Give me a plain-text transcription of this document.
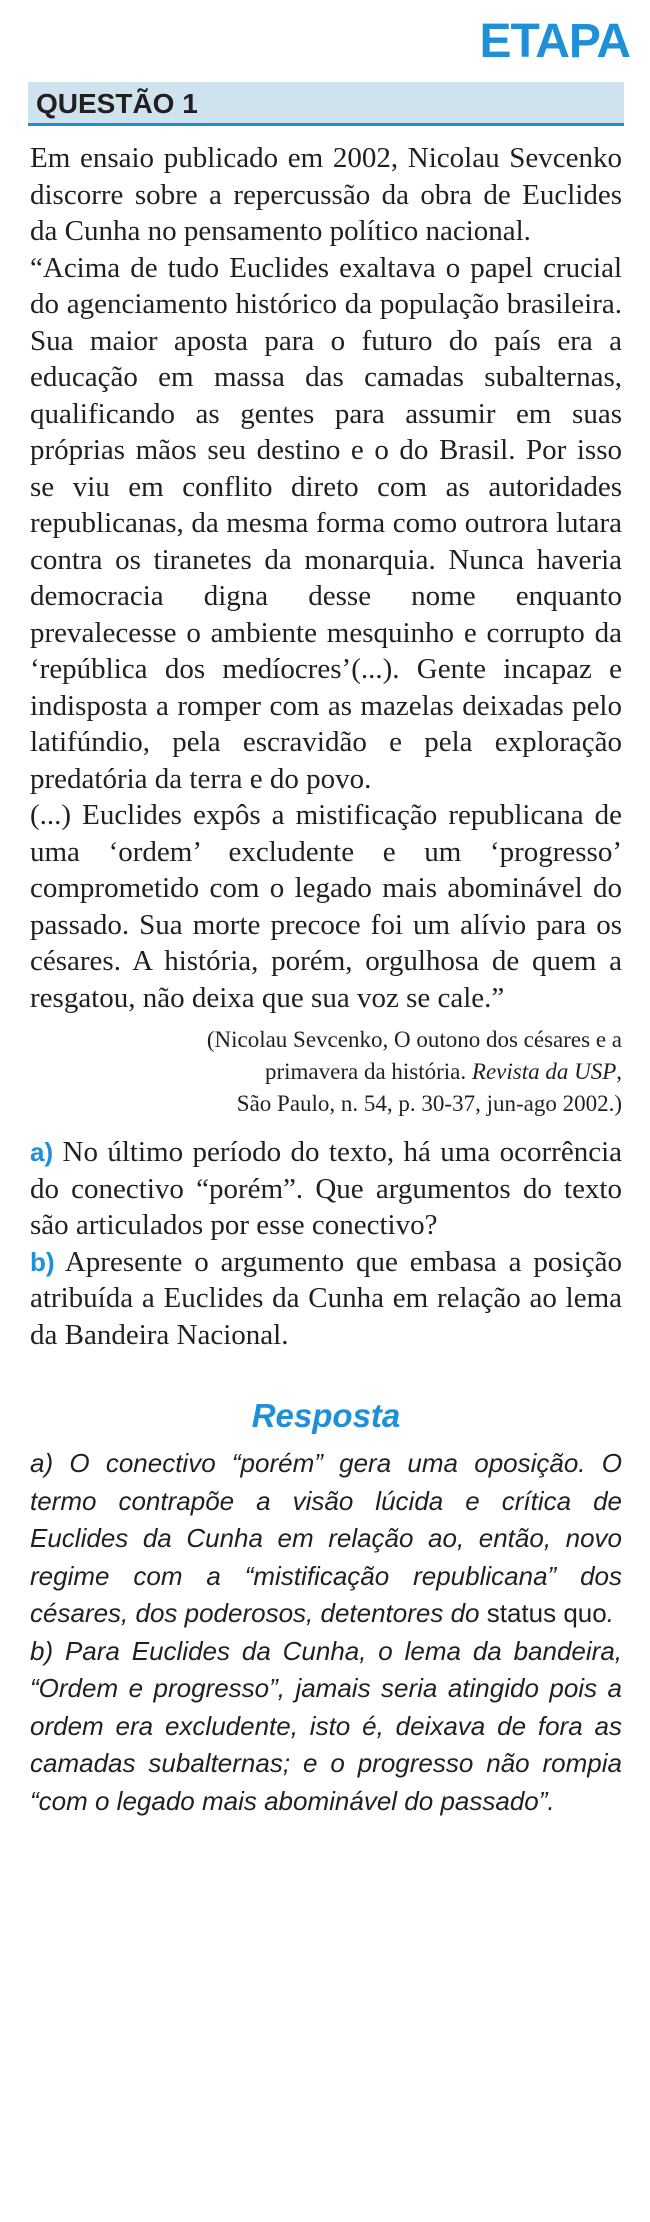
ETAPA
QUESTÃO 1

Em ensaio publicado em 2002, Nicolau Sevcenko discorre sobre a repercussão da obra de Euclides da Cunha no pensamento político nacional.

“Acima de tudo Euclides exaltava o papel crucial do agenciamento histórico da população brasileira. Sua maior aposta para o futuro do país era a educação em massa das camadas subalternas, qualificando as gentes para assumir em suas próprias mãos seu destino e o do Brasil. Por isso se viu em conflito direto com as autoridades republicanas, da mesma forma como outrora lutara contra os tiranetes da monarquia. Nunca haveria democracia digna desse nome enquanto prevalecesse o ambiente mesquinho e corrupto da ‘república dos medíocres’(...). Gente incapaz e indisposta a romper com as mazelas deixadas pelo latifúndio, pela escravidão e pela exploração predatória da terra e do povo.

(...) Euclides expôs a mistificação republicana de uma ‘ordem’ excludente e um ‘progresso’ comprometido com o legado mais abominável do passado. Sua morte precoce foi um alívio para os césares. A história, porém, orgulhosa de quem a resgatou, não deixa que sua voz se cale.”

(Nicolau Sevcenko, O outono dos césares e a
primavera da história. Revista da USP,
São Paulo, n. 54, p. 30-37, jun-ago 2002.)

a) No último período do texto, há uma ocorrência do conectivo “porém”. Que argumentos do texto são articulados por esse conectivo?

b) Apresente o argumento que embasa a posição atribuída a Euclides da Cunha em relação ao lema da Bandeira Nacional.

Resposta

a) O conectivo “porém” gera uma oposição. O termo contrapõe a visão lúcida e crítica de Euclides da Cunha em relação ao, então, novo regime com a “mistificação republicana” dos césares, dos poderosos, detentores do status quo.

b) Para Euclides da Cunha, o lema da bandeira, “Ordem e progresso”, jamais seria atingido pois a ordem era excludente, isto é, deixava de fora as camadas subalternas; e o progresso não rompia “com o legado mais abominável do passado”.
